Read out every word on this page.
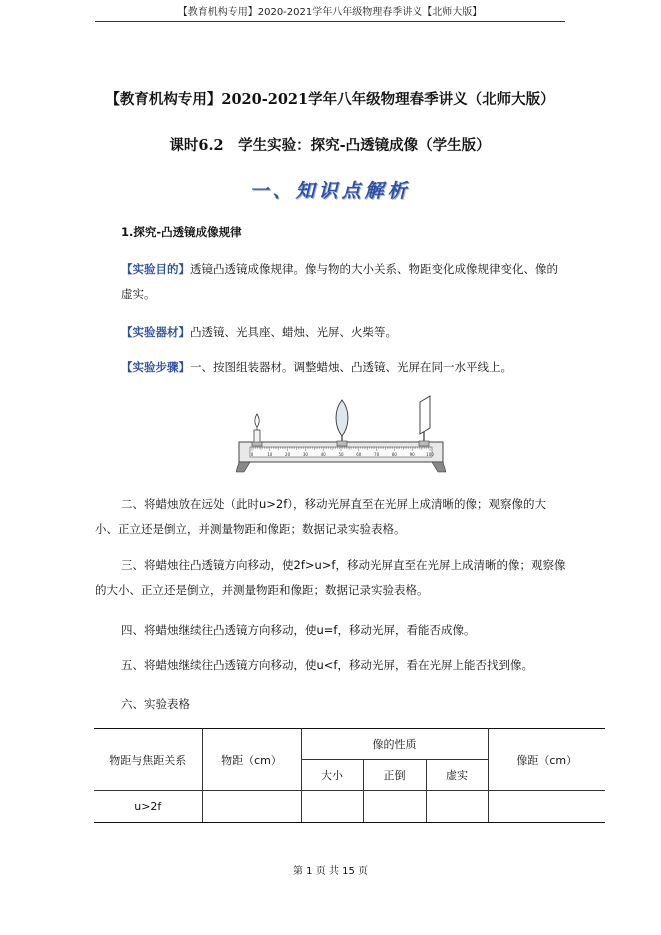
【教育机构专用】2020-2021学年八年级物理春季讲义【北师大版】
【教育机构专用】2020-2021学年八年级物理春季讲义（北师大版）
课时6.2　学生实验：探究-凸透镜成像（学生版）
一、知识点解析
1.探究-凸透镜成像规律
【实验目的】透镜凸透镜成像规律。像与物的大小关系、物距变化成像规律变化、像的虚实。
【实验器材】凸透镜、光具座、蜡烛、光屏、火柴等。
【实验步骤】一、按图组装器材。调整蜡烛、凸透镜、光屏在同一水平线上。
0	10	20	30	40	50	60	70	80	90	100
二、将蜡烛放在远处（此时u>2f），移动光屏直至在光屏上成清晰的像；观察像的大小、正立还是倒立，并测量物距和像距；数据记录实验表格。
三、将蜡烛往凸透镜方向移动，使2f>u>f，移动光屏直至在光屏上成清晰的像；观察像的大小、正立还是倒立，并测量物距和像距；数据记录实验表格。
四、将蜡烛继续往凸透镜方向移动，使u=f，移动光屏，看能否成像。
五、将蜡烛继续往凸透镜方向移动，使u<f，移动光屏，看在光屏上能否找到像。
六、实验表格
物距与焦距关系	物距（cm）	像的性质			像距（cm）
		大小	正倒	虚实	
u>2f					
第 1 页 共 15 页
